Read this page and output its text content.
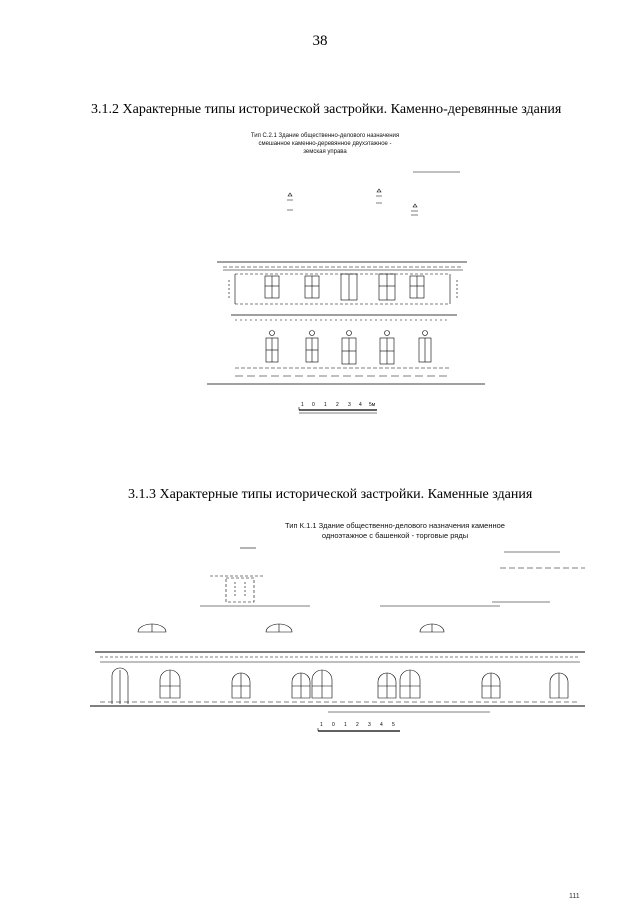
38
3.1.2 Характерные типы исторической застройки. Каменно-деревянные здания
Тип С.2.1 Здание общественно-делового назначения
смешанное каменно-деревянное двухэтажное -
земская управа
1 0 1 2 3 4 5м
3.1.3 Характерные типы исторической застройки. Каменные здания
Тип К.1.1 Здание общественно-делового назначения каменное
одноэтажное с башенкой - торговые ряды
1 0 1 2 3 4 5
111
